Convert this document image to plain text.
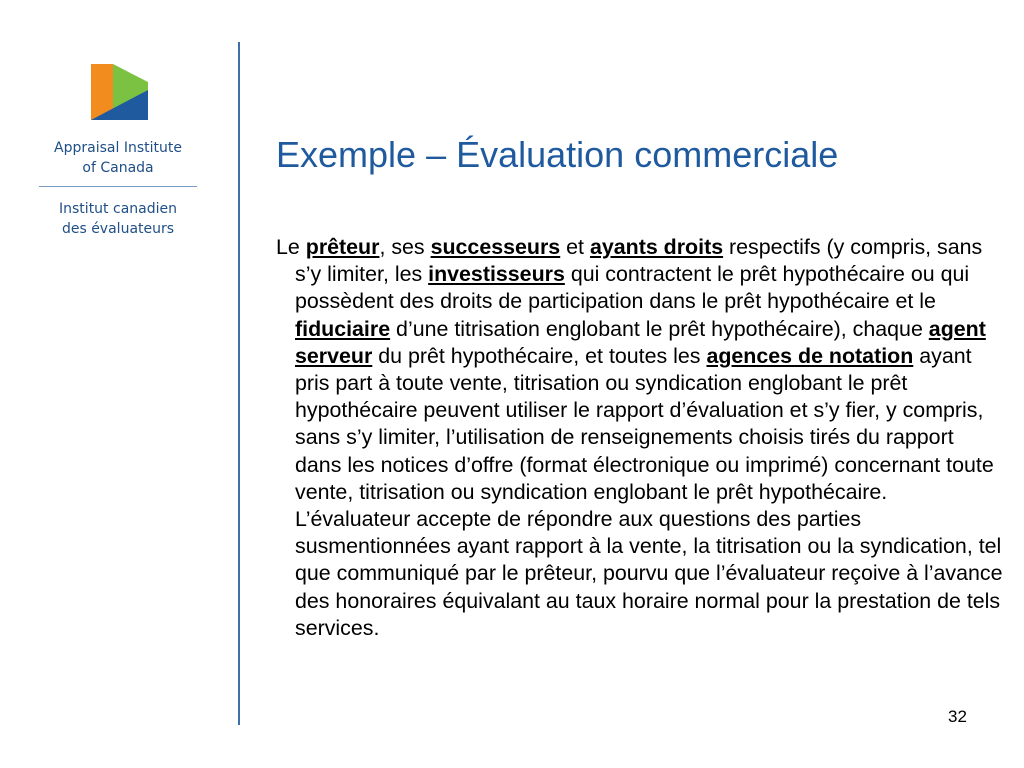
Appraisal Institute
of Canada
Institut canadien
des évaluateurs
Exemple – Évaluation commerciale

Le prêteur, ses successeurs et ayants droits respectifs (y compris, sans s’y limiter, les investisseurs qui contractent le prêt hypothécaire ou qui possèdent des droits de participation dans le prêt hypothécaire et le fiduciaire d’une titrisation englobant le prêt hypothécaire), chaque agent serveur du prêt hypothécaire, et toutes les agences de notation ayant pris part à toute vente, titrisation ou syndication englobant le prêt hypothécaire peuvent utiliser le rapport d’évaluation et s’y fier, y compris, sans s’y limiter, l’utilisation de renseignements choisis tirés du rapport dans les notices d’offre (format électronique ou imprimé) concernant toute vente, titrisation ou syndication englobant le prêt hypothécaire. L’évaluateur accepte de répondre aux questions des parties susmentionnées ayant rapport à la vente, la titrisation ou la syndication, tel que communiqué par le prêteur, pourvu que l’évaluateur reçoive à l’avance des honoraires équivalant au taux horaire normal pour la prestation de tels services.

32
